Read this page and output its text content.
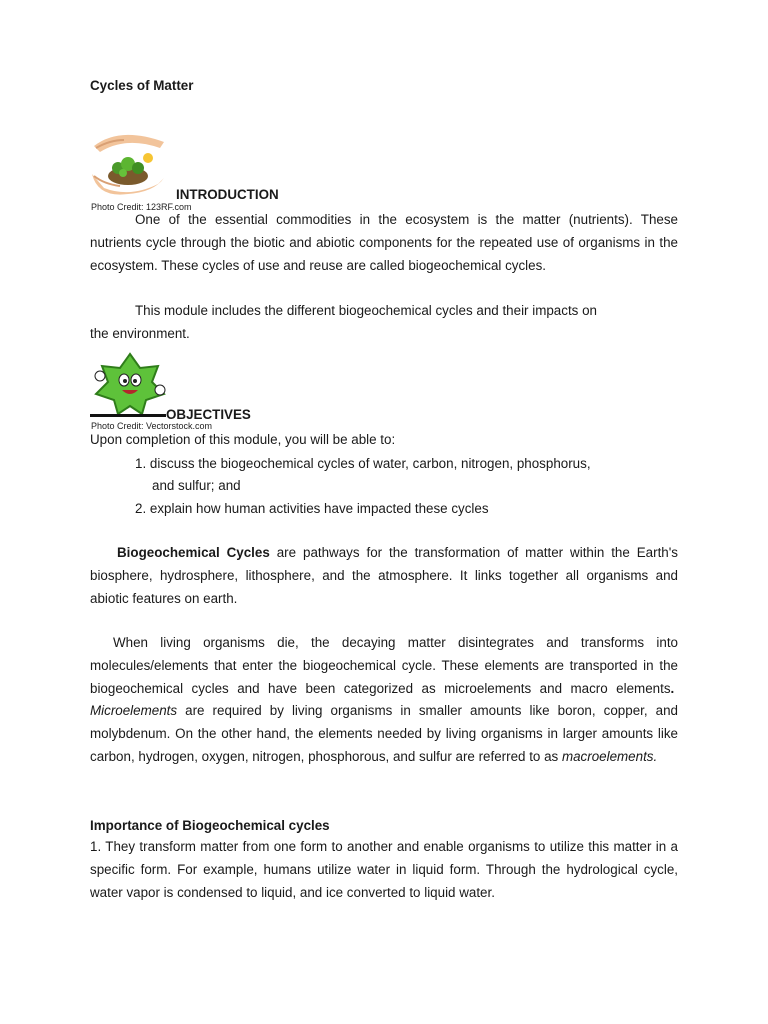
Cycles of Matter
INTRODUCTION
Photo Credit: 123RF.com
One of the essential commodities in the ecosystem is the matter (nutrients). These
nutrients cycle through the biotic and abiotic components for the repeated use of organisms in the ecosystem. These cycles of use and reuse are called biogeochemical cycles.
This module includes the different biogeochemical cycles and their impacts on
the environment.
OBJECTIVES
Photo Credit: Vectorstock.com
Upon completion of this module, you will be able to:
1. discuss the biogeochemical cycles of water, carbon, nitrogen, phosphorus,
and sulfur; and
2. explain how human activities have impacted these cycles
Biogeochemical Cycles are pathways for the transformation of matter within the Earth's biosphere, hydrosphere, lithosphere, and the atmosphere. It links together all organisms and abiotic features on earth.
When living organisms die, the decaying matter disintegrates and transforms into molecules/elements that enter the biogeochemical cycle. These elements are transported in the biogeochemical cycles and have been categorized as microelements and macro elements.  Microelements are required by living organisms in smaller amounts like boron, copper, and molybdenum. On the other hand, the elements needed by living organisms in larger amounts like carbon, hydrogen, oxygen, nitrogen, phosphorous, and sulfur are referred to as macroelements.
Importance of Biogeochemical cycles
1. They transform matter from one form to another and enable organisms to utilize this matter in a specific form. For example, humans utilize water in liquid form. Through the hydrological cycle, water vapor is condensed to liquid, and ice converted to liquid water.
